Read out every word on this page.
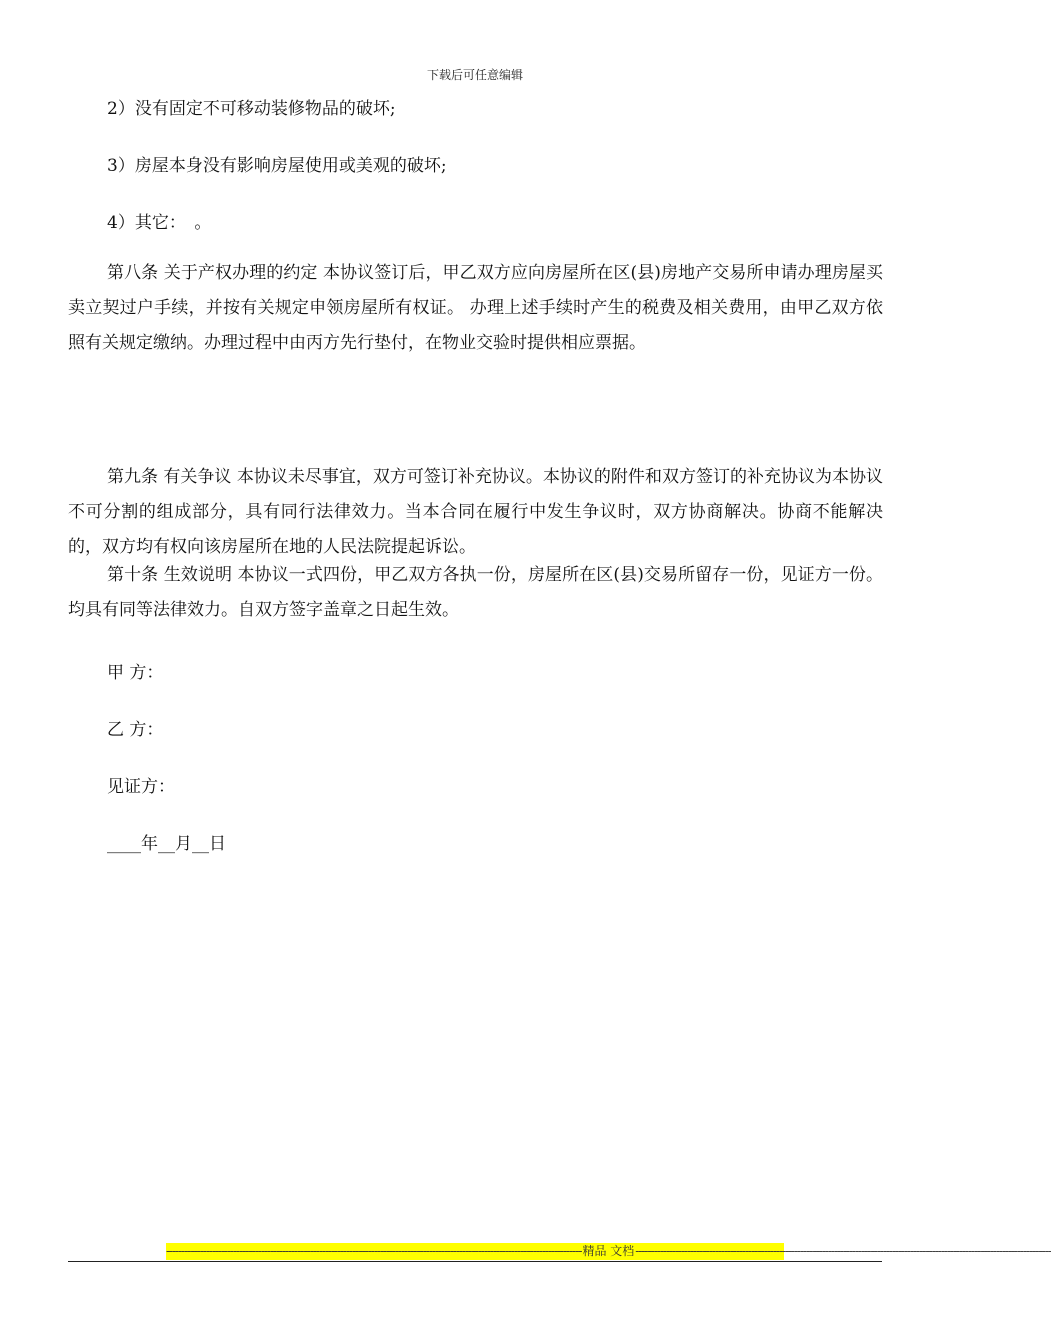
下载后可任意编辑
2）没有固定不可移动装修物品的破坏;
3）房屋本身没有影响房屋使用或美观的破坏;
4）其它：　。
第八条 关于产权办理的约定 本协议签订后，甲乙双方应向房屋所在区(县)房地产交易所申请办理房屋买卖立契过户手续，并按有关规定申领房屋所有权证。 办理上述手续时产生的税费及相关费用，由甲乙双方依照有关规定缴纳。办理过程中由丙方先行垫付，在物业交验时提供相应票据。
第九条 有关争议 本协议未尽事宜，双方可签订补充协议。本协议的附件和双方签订的补充协议为本协议不可分割的组成部分，具有同行法律效力。当本合同在履行中发生争议时，双方协商解决。协商不能解决的，双方均有权向该房屋所在地的人民法院提起诉讼。
第十条 生效说明 本协议一式四份，甲乙双方各执一份，房屋所在区(县)交易所留存一份，见证方一份。均具有同等法律效力。自双方签字盖章之日起生效。
甲 方：
乙 方：
见证方：
____年__月__日
---------------------------------------------------------------------------------------------------------------------------------------- 精品 文档 ----------------------------------------------------------------------------------------------------------------------------------------
